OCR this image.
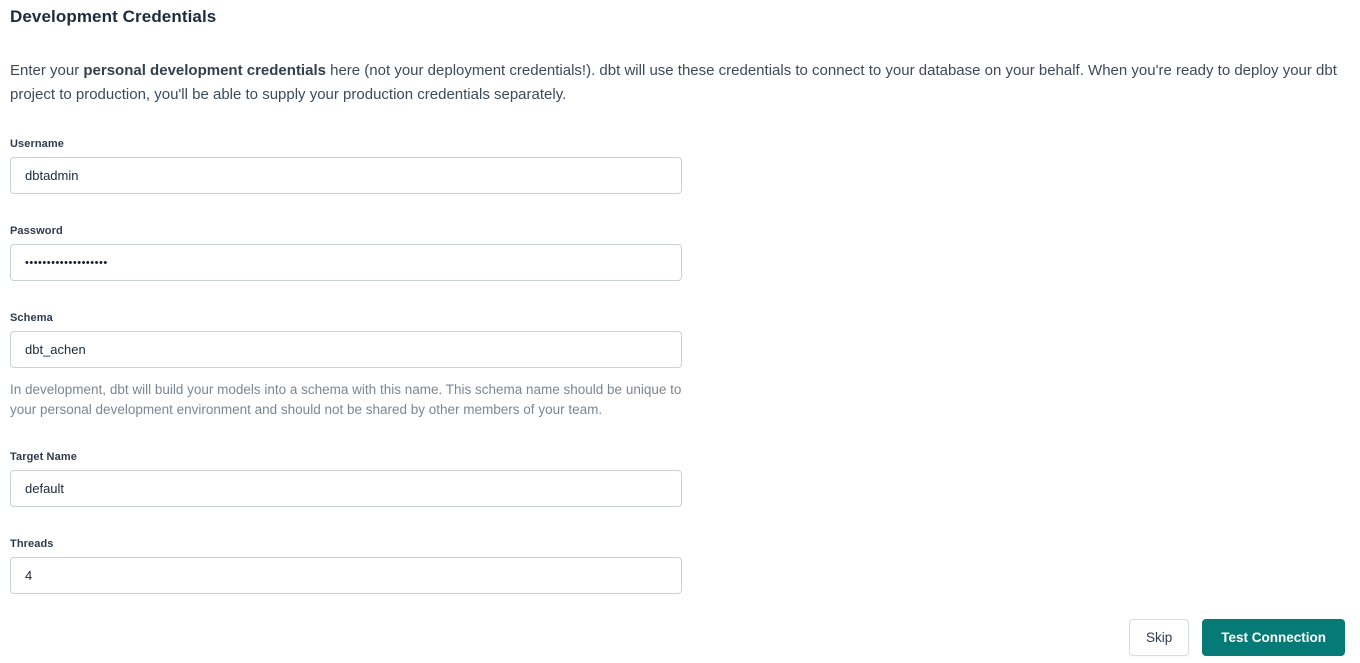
Development Credentials
Enter your personal development credentials here (not your deployment credentials!). dbt will use these credentials to connect to your database on your behalf. When you're ready to deploy your dbt project to production, you'll be able to supply your production credentials separately.
Username
dbtadmin
Password
•••••••••••••••••••
Schema
dbt_achen
In development, dbt will build your models into a schema with this name. This schema name should be unique to your personal development environment and should not be shared by other members of your team.
Target Name
default
Threads
4
Skip	Test Connection
